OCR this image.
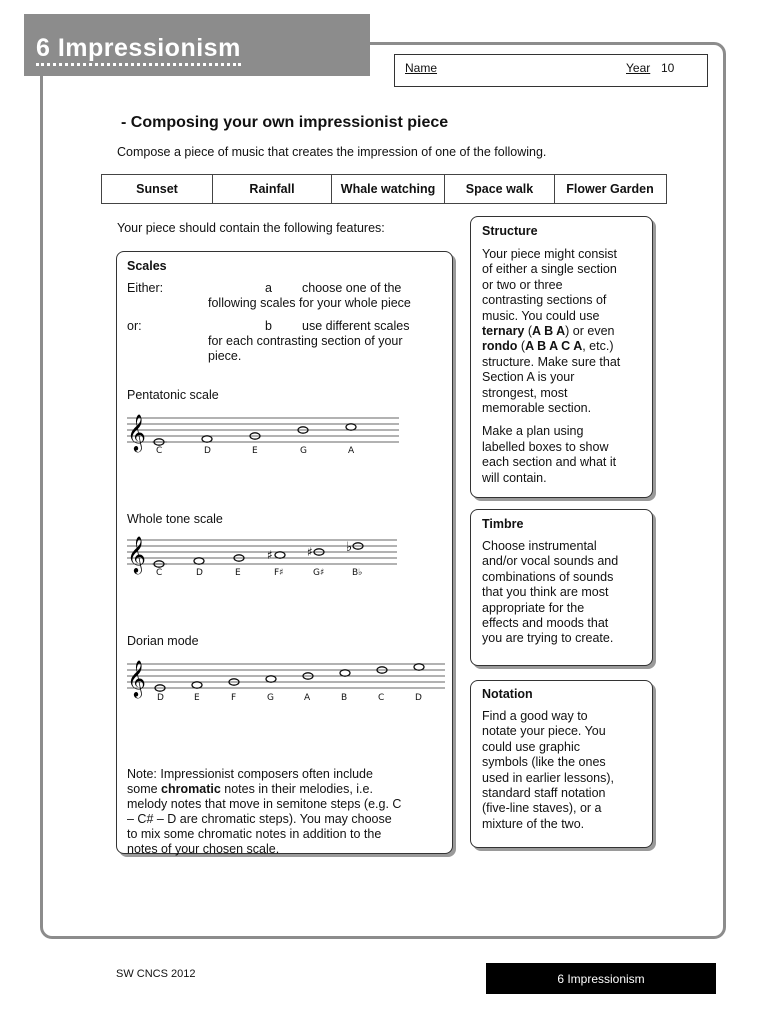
6 Impressionism
Name	Year 10
- Composing your own impressionist piece
Compose a piece of music that creates the impression of one of the following.
Sunset	Rainfall	Whale watching	Space walk	Flower Garden
Your piece should contain the following features:
Scales
Either:	a choose one of the
following scales for your whole piece
or:	b use different scales
for each contrasting section of your
piece.
Pentatonic scale
𝄞 C	D	E	G	A
Whole tone scale
𝄞	♯	♯	♭
C	D	E	F♯	G♯	B♭
Dorian mode
𝄞
D	E	F	G	A	B	C	D
Note: Impressionist composers often include
some chromatic notes in their melodies, i.e.
melody notes that move in semitone steps (e.g. C
– C# – D are chromatic steps). You may choose
to mix some chromatic notes in addition to the
notes of your chosen scale.
Structure
Your piece might consist
of either a single section
or two or three
contrasting sections of
music. You could use
ternary (A B A) or even
rondo (A B A C A, etc.)
structure. Make sure that
Section A is your
strongest, most
memorable section.
Make a plan using
labelled boxes to show
each section and what it
will contain.
Timbre
Choose instrumental
and/or vocal sounds and
combinations of sounds
that you think are most
appropriate for the
effects and moods that
you are trying to create.
Notation
Find a good way to
notate your piece. You
could use graphic
symbols (like the ones
used in earlier lessons),
standard staff notation
(five-line staves), or a
mixture of the two.
SW CNCS 2012	6 Impressionism
